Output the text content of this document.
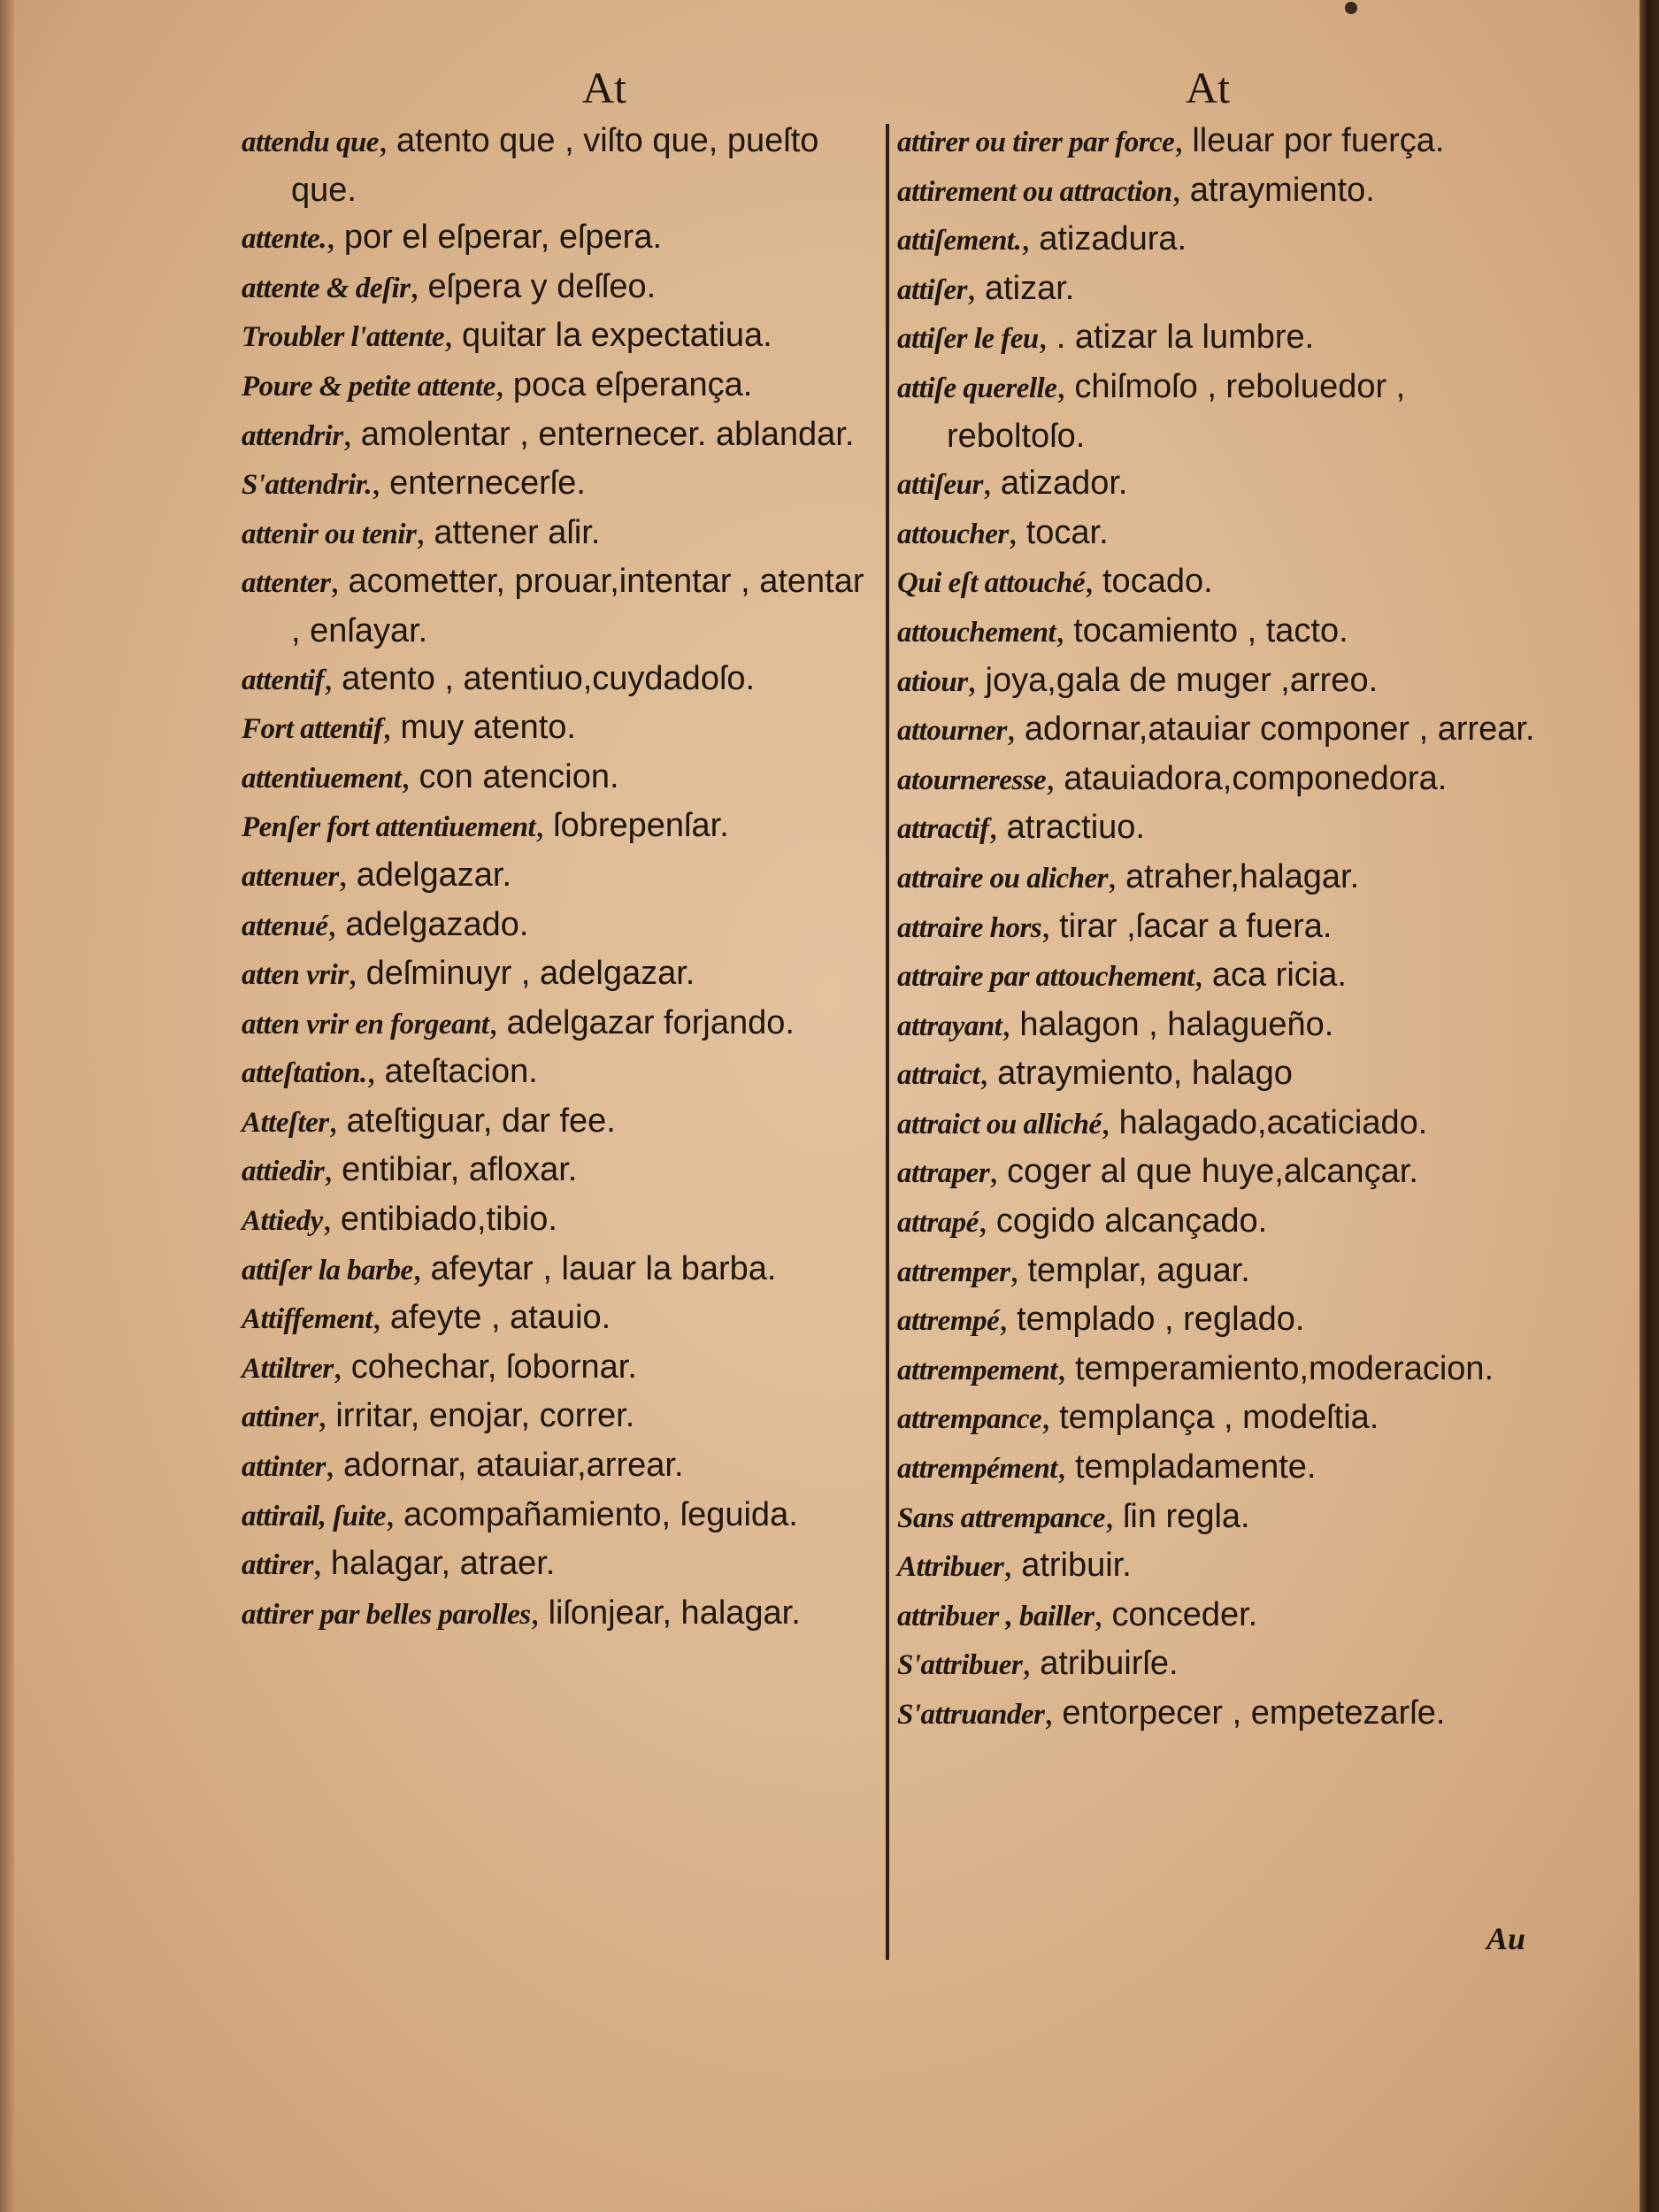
At	At
attendu que, atento que , viſto que, pueſto que.
attente., por el eſperar, eſpera.
attente & deſir, eſpera y deſſeo.
Troubler l'attente, quitar la expectatiua.
Poure & petite attente, poca eſperança.
attendrir, amolentar , enternecer. ablandar.
S'attendrir., enternecerſe.
attenir ou tenir, attener aſir.
attenter, acometter, prouar,intentar , atentar , enſayar.
attentif, atento , atentiuo,cuydadoſo.
Fort attentif, muy atento.
attentiuement, con atencion.
Penſer fort attentiuement, ſobrepenſar.
attenuer, adelgazar.
attenué, adelgazado.
atten vrir, deſminuyr , adelgazar.
atten vrir en forgeant, adelgazar forjando.
atteſtation., ateſtacion.
Atteſter, ateſtiguar, dar fee.
attiedir, entibiar, afloxar.
Attiedy, entibiado,tibio.
attiſer la barbe, afeytar , lauar la barba.
Attiffement, afeyte , atauio.
Attiltrer, cohechar, ſobornar.
attiner, irritar, enojar, correr.
attinter, adornar, atauiar,arrear.
attirail, ſuite, acompañamiento, ſeguida.
attirer, halagar, atraer.
attirer par belles parolles, liſonjear, halagar.
attirer ou tirer par force, lleuar por fuerça.
attirement ou attraction, atraymiento.
attiſement., atizadura.
attiſer, atizar.
attiſer le feu, . atizar la lumbre.
attiſe querelle, chiſmoſo , reboluedor , reboltoſo.
attiſeur, atizador.
attoucher, tocar.
Qui eſt attouché, tocado.
attouchement, tocamiento , tacto.
atiour, joya,gala de muger ,arreo.
attourner, adornar,atauiar componer , arrear.
atourneresse, atauiadora,componedora.
attractif, atractiuo.
attraire ou alicher, atraher,halagar.
attraire hors, tirar ,ſacar a fuera.
attraire par attouchement, aca ricia.
attrayant, halagon , halagueño.
attraict, atraymiento, halago
attraict ou alliché, halagado,acaticiado.
attraper, coger al que huye,alcançar.
attrapé, cogido alcançado.
attremper, templar, aguar.
attrempé, templado , reglado.
attrempement, temperamiento,moderacion.
attrempance, templança , modeſtia.
attrempément, templadamente.
Sans attrempance, ſin regla.
Attribuer, atribuir.
attribuer , bailler, conceder.
S'attribuer, atribuirſe.
S'attruander, entorpecer , empetezarſe.
Au
